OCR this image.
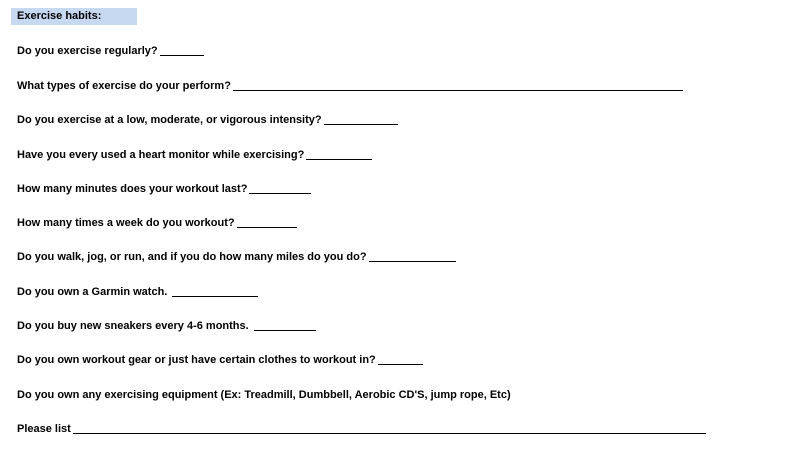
Exercise habits:
Do you exercise regularly?
What types of exercise do your perform?
Do you exercise at a low, moderate, or vigorous intensity?
Have you every used a heart monitor while exercising?
How many minutes does your workout last?
How many times a week do you workout?
Do you walk, jog, or run, and if you do how many miles do you do?
Do you own a Garmin watch.
Do you buy new sneakers every 4-6 months.
Do you own workout gear or just have certain clothes to workout in?
Do you own any exercising equipment (Ex: Treadmill, Dumbbell, Aerobic CD'S, jump rope, Etc)
Please list
